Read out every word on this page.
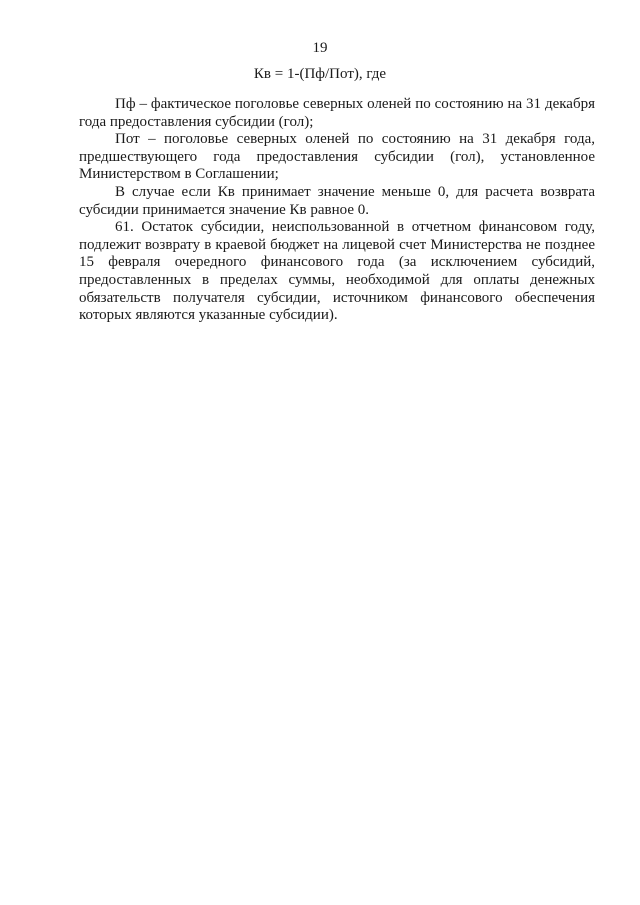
19
Кв = 1-(Пф/Пот), где

Пф – фактическое поголовье северных оленей по состоянию на 31 декабря года предоставления субсидии (гол);

Пот – поголовье северных оленей по состоянию на 31 декабря года, предшествующего года предоставления субсидии (гол), установленное Министерством в Соглашении;

В случае если Кв принимает значение меньше 0, для расчета возврата субсидии принимается значение Кв равное 0.

61. Остаток субсидии, неиспользованной в отчетном финансовом году, подлежит возврату в краевой бюджет на лицевой счет Министерства не позднее 15 февраля очередного финансового года (за исключением субсидий, предоставленных в пределах суммы, необходимой для оплаты денежных обязательств получателя субсидии, источником финансового обеспечения которых являются указанные субсидии).
